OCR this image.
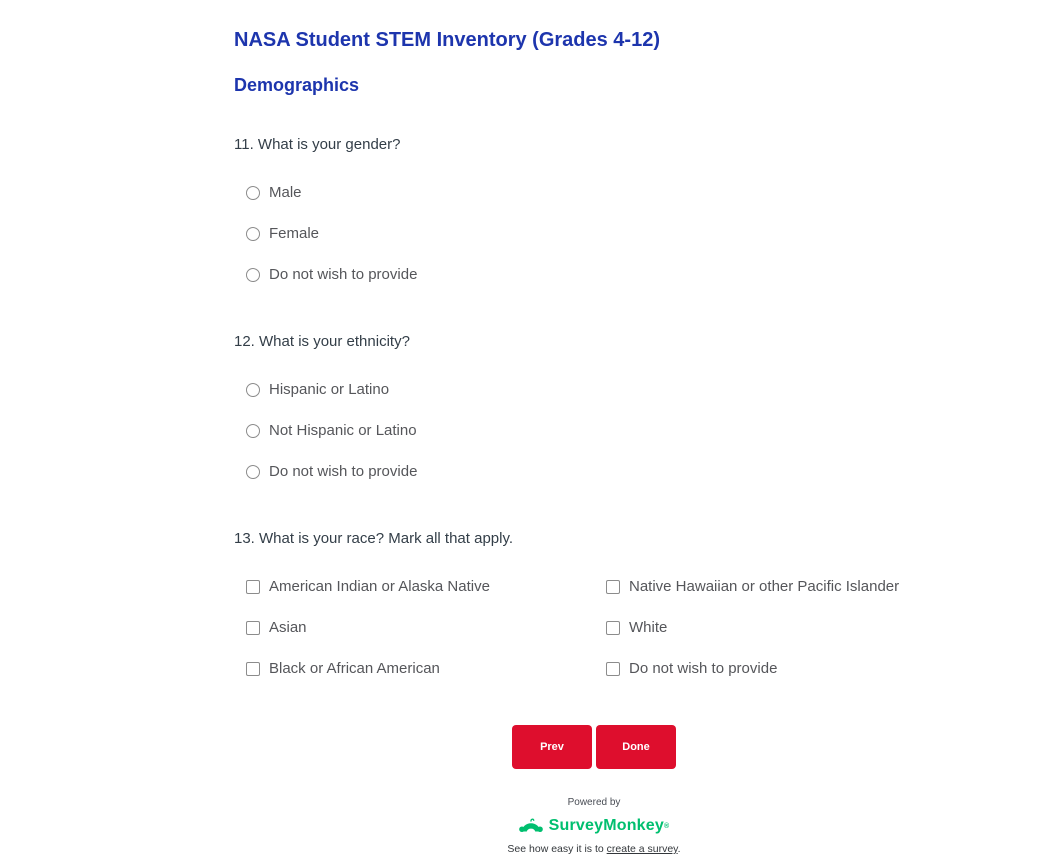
NASA Student STEM Inventory (Grades 4-12)
Demographics
11. What is your gender?
Male
Female
Do not wish to provide
12. What is your ethnicity?
Hispanic or Latino
Not Hispanic or Latino
Do not wish to provide
13. What is your race? Mark all that apply.
American Indian or Alaska Native	Native Hawaiian or other Pacific Islander
Asian	White
Black or African American	Do not wish to provide
Prev	Done
Powered by
SurveyMonkey®
See how easy it is to create a survey.
